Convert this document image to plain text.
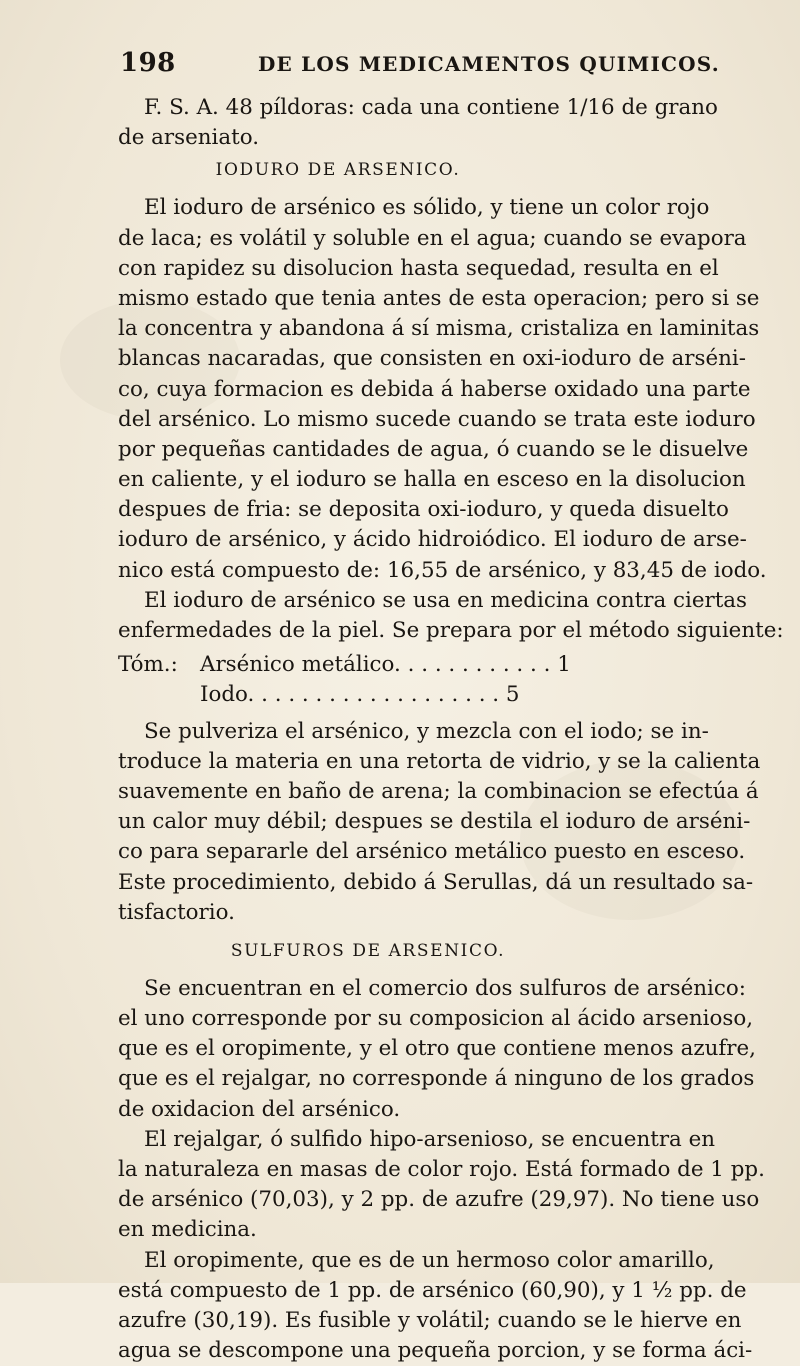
198	DE LOS MEDICAMENTOS QUIMICOS.
F. S. A. 48 píldoras: cada una contiene 1/16 de grano
de arseniato.
IODURO DE ARSENICO.
El ioduro de arsénico es sólido, y tiene un color rojo
de laca; es volátil y soluble en el agua; cuando se evapora
con rapidez su disolucion hasta sequedad, resulta en el
mismo estado que tenia antes de esta operacion; pero si se
la concentra y abandona á sí misma, cristaliza en laminitas
blancas nacaradas, que consisten en oxi-ioduro de arséni-
co, cuya formacion es debida á haberse oxidado una parte
del arsénico. Lo mismo sucede cuando se trata este ioduro
por pequeñas cantidades de agua, ó cuando se le disuelve
en caliente, y el ioduro se halla en esceso en la disolucion
despues de fria: se deposita oxi-ioduro, y queda disuelto
ioduro de arsénico, y ácido hidroiódico. El ioduro de arse-
nico está compuesto de: 16,55 de arsénico, y 83,45 de iodo.
El ioduro de arsénico se usa en medicina contra ciertas
enfermedades de la piel. Se prepara por el método siguiente:
Tóm.: Arsénico metálico. . . . . . . . . . . . 1
Iodo. . . . . . . . . . . . . . . . . . . 5
Se pulveriza el arsénico, y mezcla con el iodo; se in-
troduce la materia en una retorta de vidrio, y se la calienta
suavemente en baño de arena; la combinacion se efectúa á
un calor muy débil; despues se destila el ioduro de arséni-
co para separarle del arsénico metálico puesto en esceso.
Este procedimiento, debido á Serullas, dá un resultado sa-
tisfactorio.
SULFUROS DE ARSENICO.
Se encuentran en el comercio dos sulfuros de arsénico:
el uno corresponde por su composicion al ácido arsenioso,
que es el oropimente, y el otro que contiene menos azufre,
que es el rejalgar, no corresponde á ninguno de los grados
de oxidacion del arsénico.
El rejalgar, ó sulfido hipo-arsenioso, se encuentra en
la naturaleza en masas de color rojo. Está formado de 1 pp.
de arsénico (70,03), y 2 pp. de azufre (29,97). No tiene uso
en medicina.
El oropimente, que es de un hermoso color amarillo,
está compuesto de 1 pp. de arsénico (60,90), y 1 ½ pp. de
azufre (30,19). Es fusible y volátil; cuando se le hierve en
agua se descompone una pequeña porcion, y se forma áci-
